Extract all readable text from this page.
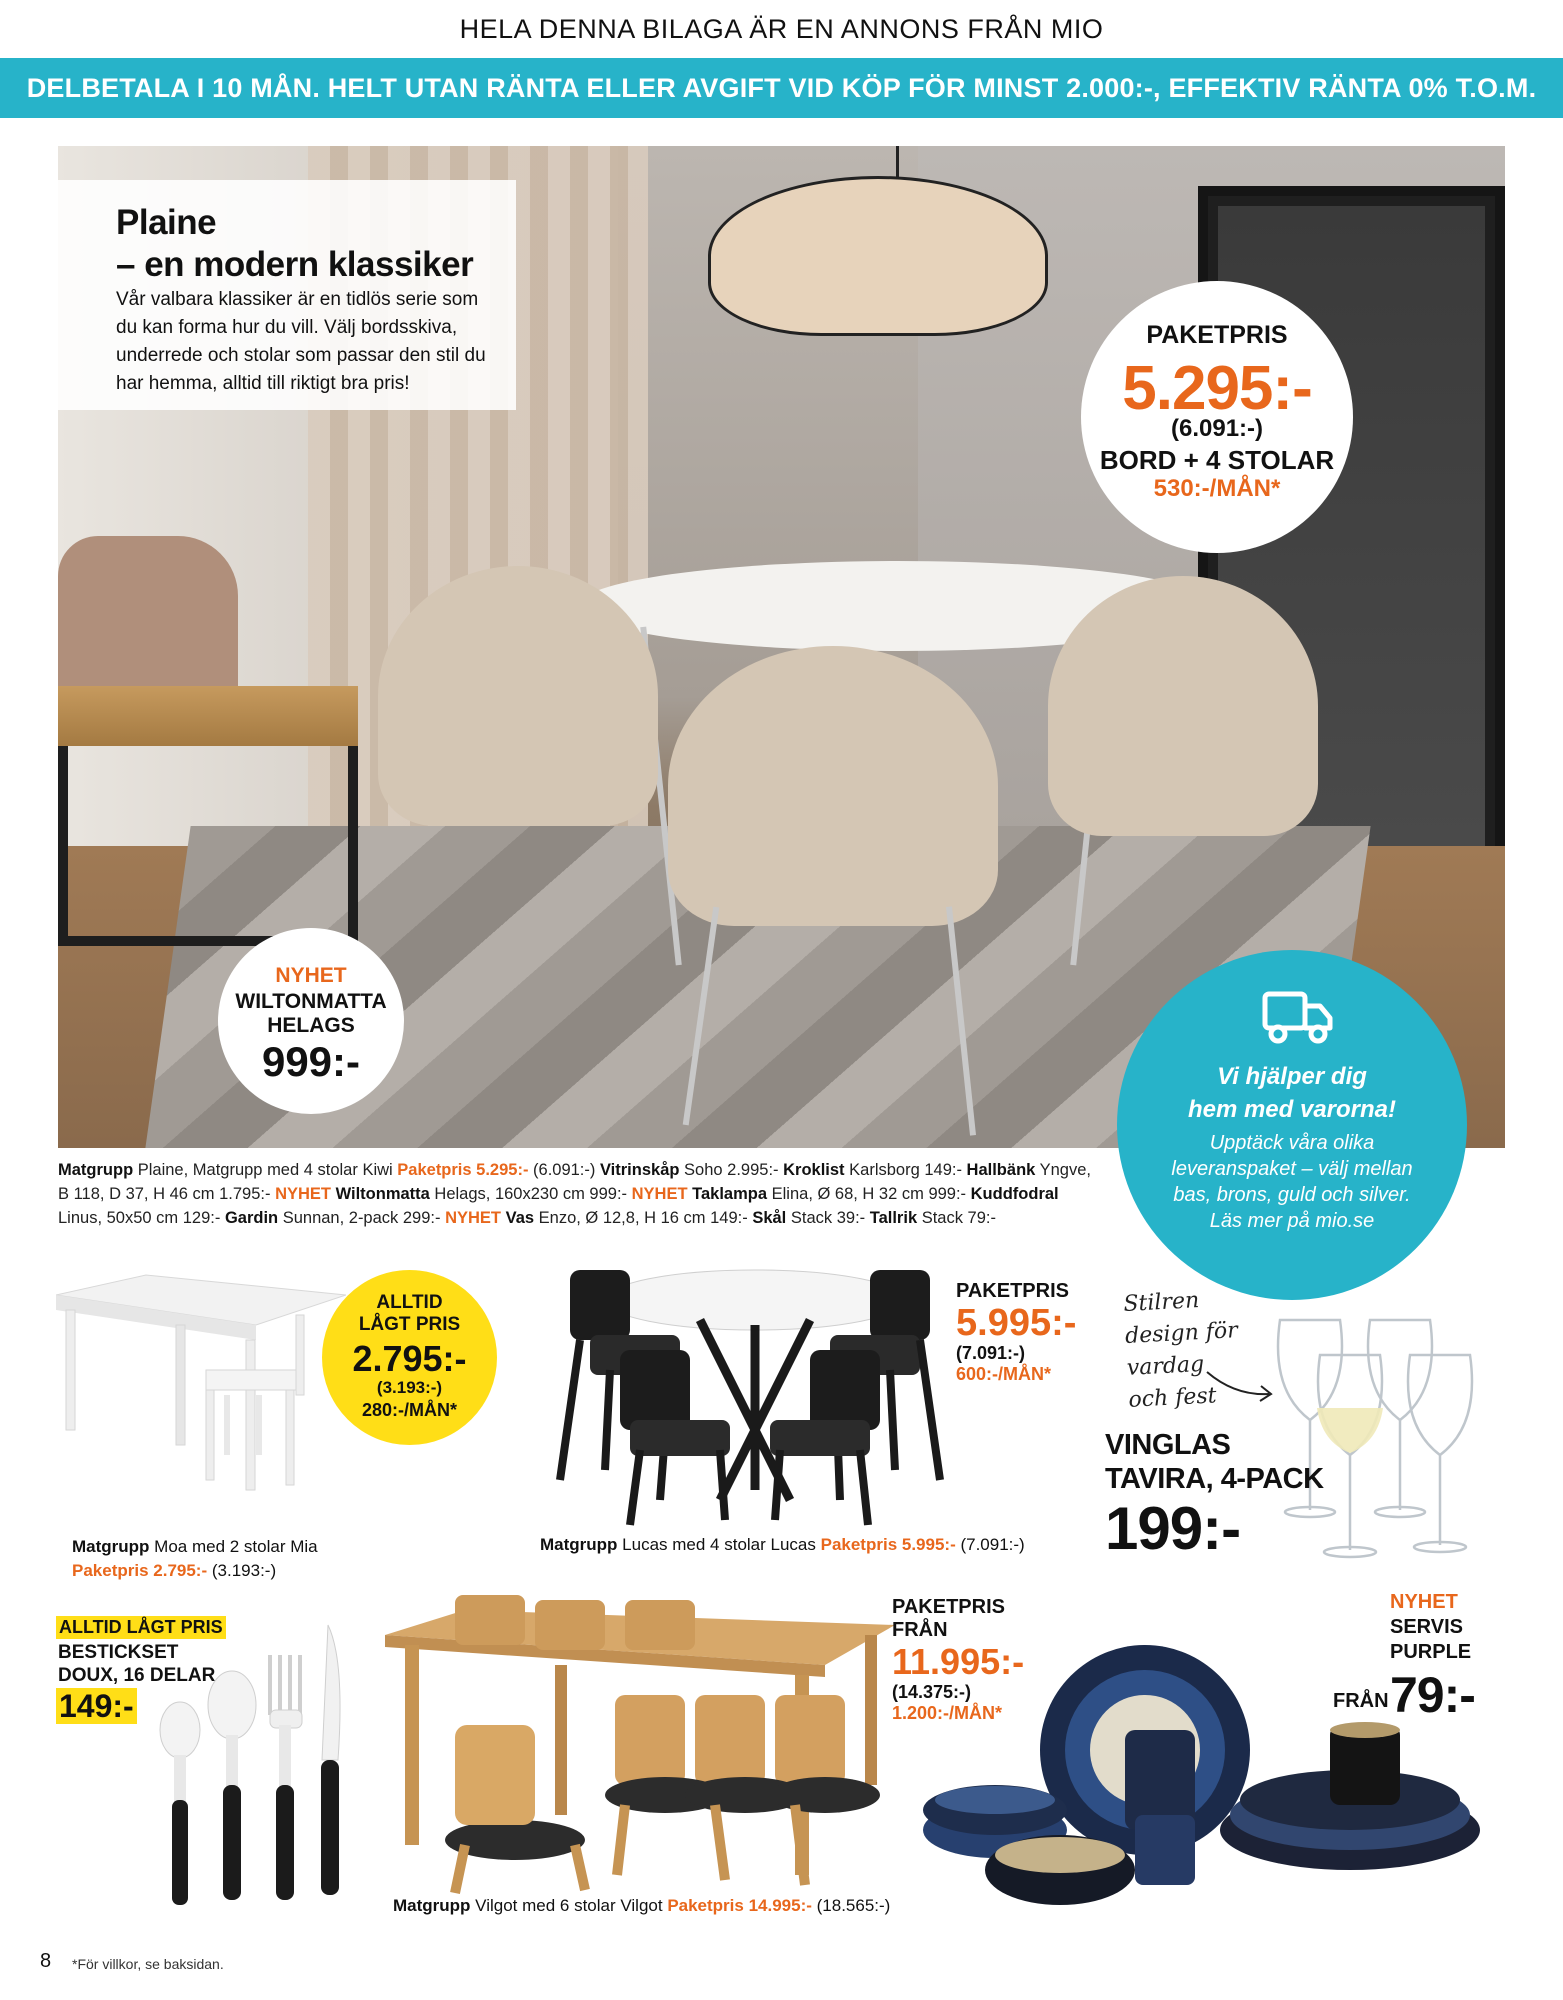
HELA DENNA BILAGA ÄR EN ANNONS FRÅN MIO
DELBETALA I 10 MÅN. HELT UTAN RÄNTA ELLER AVGIFT VID KÖP FÖR MINST 2.000:-, EFFEKTIV RÄNTA 0% T.O.M.
Plaine
– en modern klassiker
Vår valbara klassiker är en tidlös serie som du kan forma hur du vill. Välj bordsskiva, underrede och stolar som passar den stil du har hemma, alltid till riktigt bra pris!
PAKETPRIS
5.295:-
(6.091:-)
BORD + 4 STOLAR
530:-/MÅN*
NYHET
WILTONMATTA
HELAGS
999:-	Vi hjälper dig
hem med varorna!
Upptäck våra olika leveranspaket – välj mellan bas, brons, guld och silver. Läs mer på mio.se
Matgrupp Plaine, Matgrupp med 4 stolar Kiwi Paketpris 5.295:- (6.091:-) Vitrinskåp Soho 2.995:- Kroklist Karlsborg 149:- Hallbänk Yngve, B 118, D 37, H 46 cm 1.795:- NYHET Wiltonmatta Helags, 160x230 cm 999:- NYHET Taklampa Elina, Ø 68, H 32 cm 999:- Kuddfodral Linus, 50x50 cm 129:- Gardin Sunnan, 2-pack 299:- NYHET Vas Enzo, Ø 12,8, H 16 cm 149:- Skål Stack 39:- Tallrik Stack 79:-
ALLTID
LÅGT PRIS
2.795:-
(3.193:-)
280:-/MÅN*
Matgrupp Moa med 2 stolar Mia
Paketpris 2.795:- (3.193:-)
PAKETPRIS
5.995:-
(7.091:-)
600:-/MÅN*
Matgrupp Lucas med 4 stolar Lucas Paketpris 5.995:- (7.091:-)
Stilren
design för
vardag
och fest
VINGLAS
TAVIRA, 4-PACK
199:-
ALLTID LÅGT PRIS
BESTICKSET
DOUX, 16 DELAR
149:-
PAKETPRIS
FRÅN
11.995:-
(14.375:-)
1.200:-/MÅN*
Matgrupp Vilgot med 6 stolar Vilgot Paketpris 14.995:- (18.565:-)
NYHET
SERVIS
PURPLE
FRÅN 79:-
8 *För villkor, se baksidan.
